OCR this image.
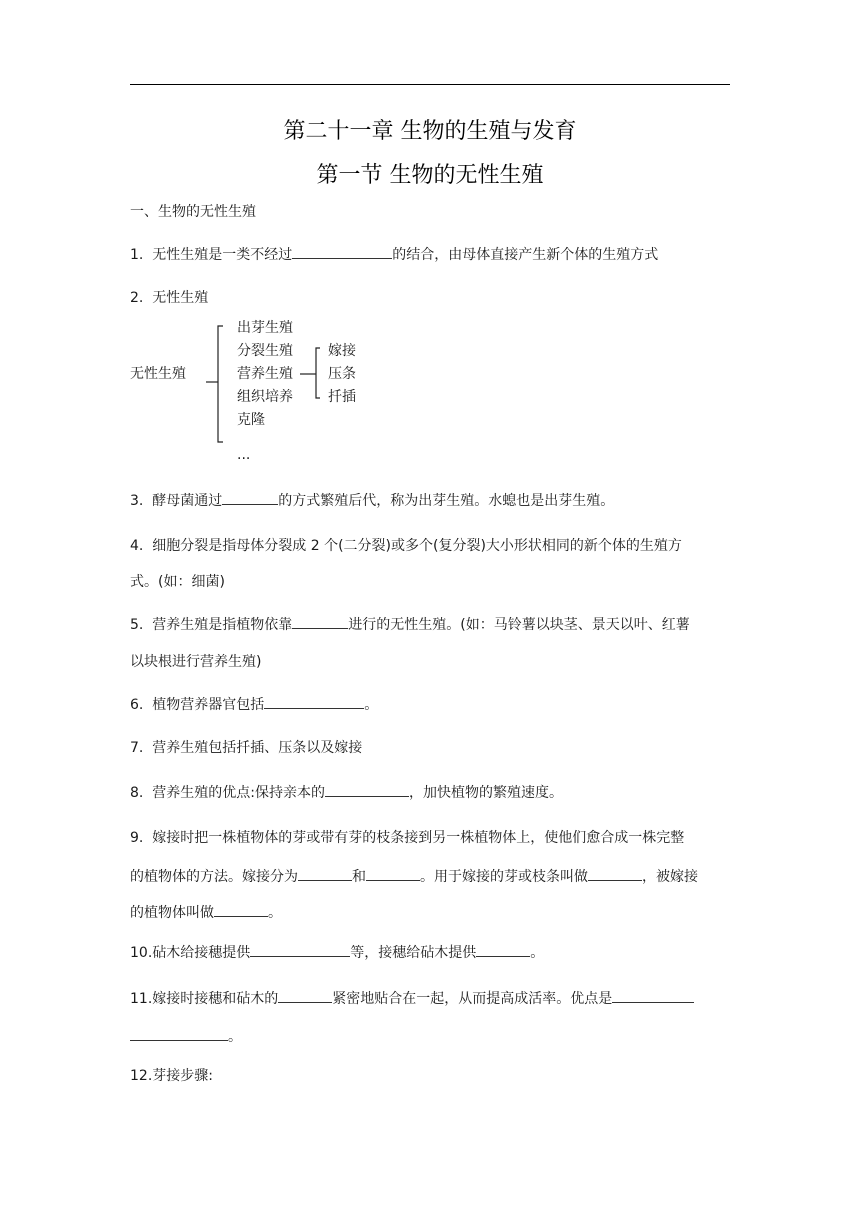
第二十一章 生物的生殖与发育
第一节 生物的无性生殖
一、生物的无性生殖
1. 无性生殖是一类不经过	的结合，由母体直接产生新个体的生殖方式
2. 无性生殖
无性生殖
出芽生殖
分裂生殖
营养生殖
组织培养
克隆
...
嫁接
压条
扦插
3. 酵母菌通过	的方式繁殖后代，称为出芽生殖。水螅也是出芽生殖。
4. 细胞分裂是指母体分裂成 2 个(二分裂)或多个(复分裂)大小形状相同的新个体的生殖方
式。(如：细菌)
5. 营养生殖是指植物依靠	进行的无性生殖。(如：马铃薯以块茎、景天以叶、红薯
以块根进行营养生殖)
6. 植物营养器官包括	。
7. 营养生殖包括扦插、压条以及嫁接
8. 营养生殖的优点:保持亲本的	，加快植物的繁殖速度。
9. 嫁接时把一株植物体的芽或带有芽的枝条接到另一株植物体上，使他们愈合成一株完整
的植物体的方法。嫁接分为	和	。用于嫁接的芽或枝条叫做	，被嫁接
的植物体叫做	。
10.砧木给接穗提供	等，接穗给砧木提供	。
11.嫁接时接穗和砧木的	紧密地贴合在一起，从而提高成活率。优点是
。
12.芽接步骤:
